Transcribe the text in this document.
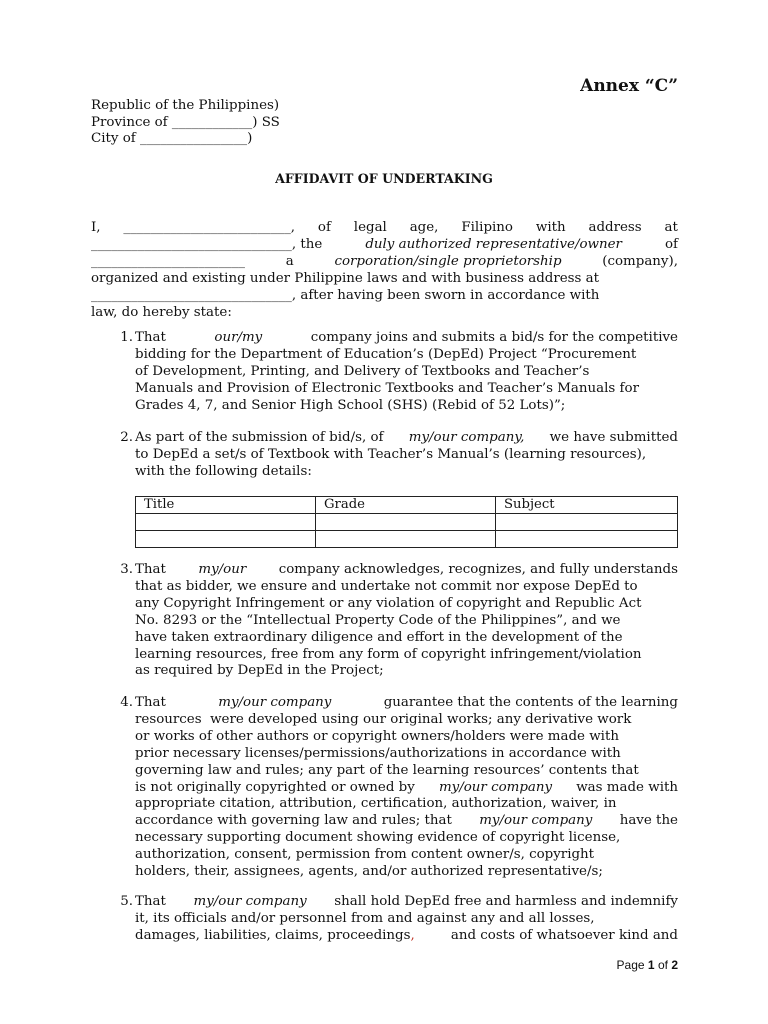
Annex “C”
Republic of the Philippines)
Province of ____________) SS
City of ________________)
AFFIDAVIT OF UNDERTAKING
I, _________________________, of legal age, Filipino with address at
______________________________, the	duly authorized representative/owner	of
_______________________	a	corporation/single proprietorship	(company),
organized and existing under Philippine laws and with business address at
______________________________, after having been sworn in accordance with
law, do hereby state:
1. That	our/my	company joins and submits a bid/s for the competitive
bidding for the Department of Education’s (DepEd) Project “Procurement
of Development, Printing, and Delivery of Textbooks and Teacher’s
Manuals and Provision of Electronic Textbooks and Teacher’s Manuals for
Grades 4, 7, and Senior High School (SHS) (Rebid of 52 Lots)”;
2. As part of the submission of bid/s, of my/our company, we have submitted
to DepEd a set/s of Textbook with Teacher’s Manual’s (learning resources),
with the following details:
Title	Grade	Subject

3. That my/our company acknowledges, recognizes, and fully understands
that as bidder, we ensure and undertake not commit nor expose DepEd to
any Copyright Infringement or any violation of copyright and Republic Act
No. 8293 or the “Intellectual Property Code of the Philippines”, and we
have taken extraordinary diligence and effort in the development of the
learning resources, free from any form of copyright infringement/violation
as required by DepEd in the Project;
4. That	my/our company	guarantee that the contents of the learning
resources  were developed using our original works; any derivative work
or works of other authors or copyright owners/holders were made with
prior necessary licenses/permissions/authorizations in accordance with
governing law and rules; any part of the learning resources’ contents that
is not originally copyrighted or owned by my/our company was made with
appropriate citation, attribution, certification, authorization, waiver, in
accordance with governing law and rules; that my/our company have the
necessary supporting document showing evidence of copyright license,
authorization, consent, permission from content owner/s, copyright
holders, their, assignees, agents, and/or authorized representative/s;
5. That my/our company shall hold DepEd free and harmless and indemnify
it, its officials and/or personnel from and against any and all losses,
damages, liabilities, claims, proceedings,	and costs of whatsoever kind and
Page 1 of 2
